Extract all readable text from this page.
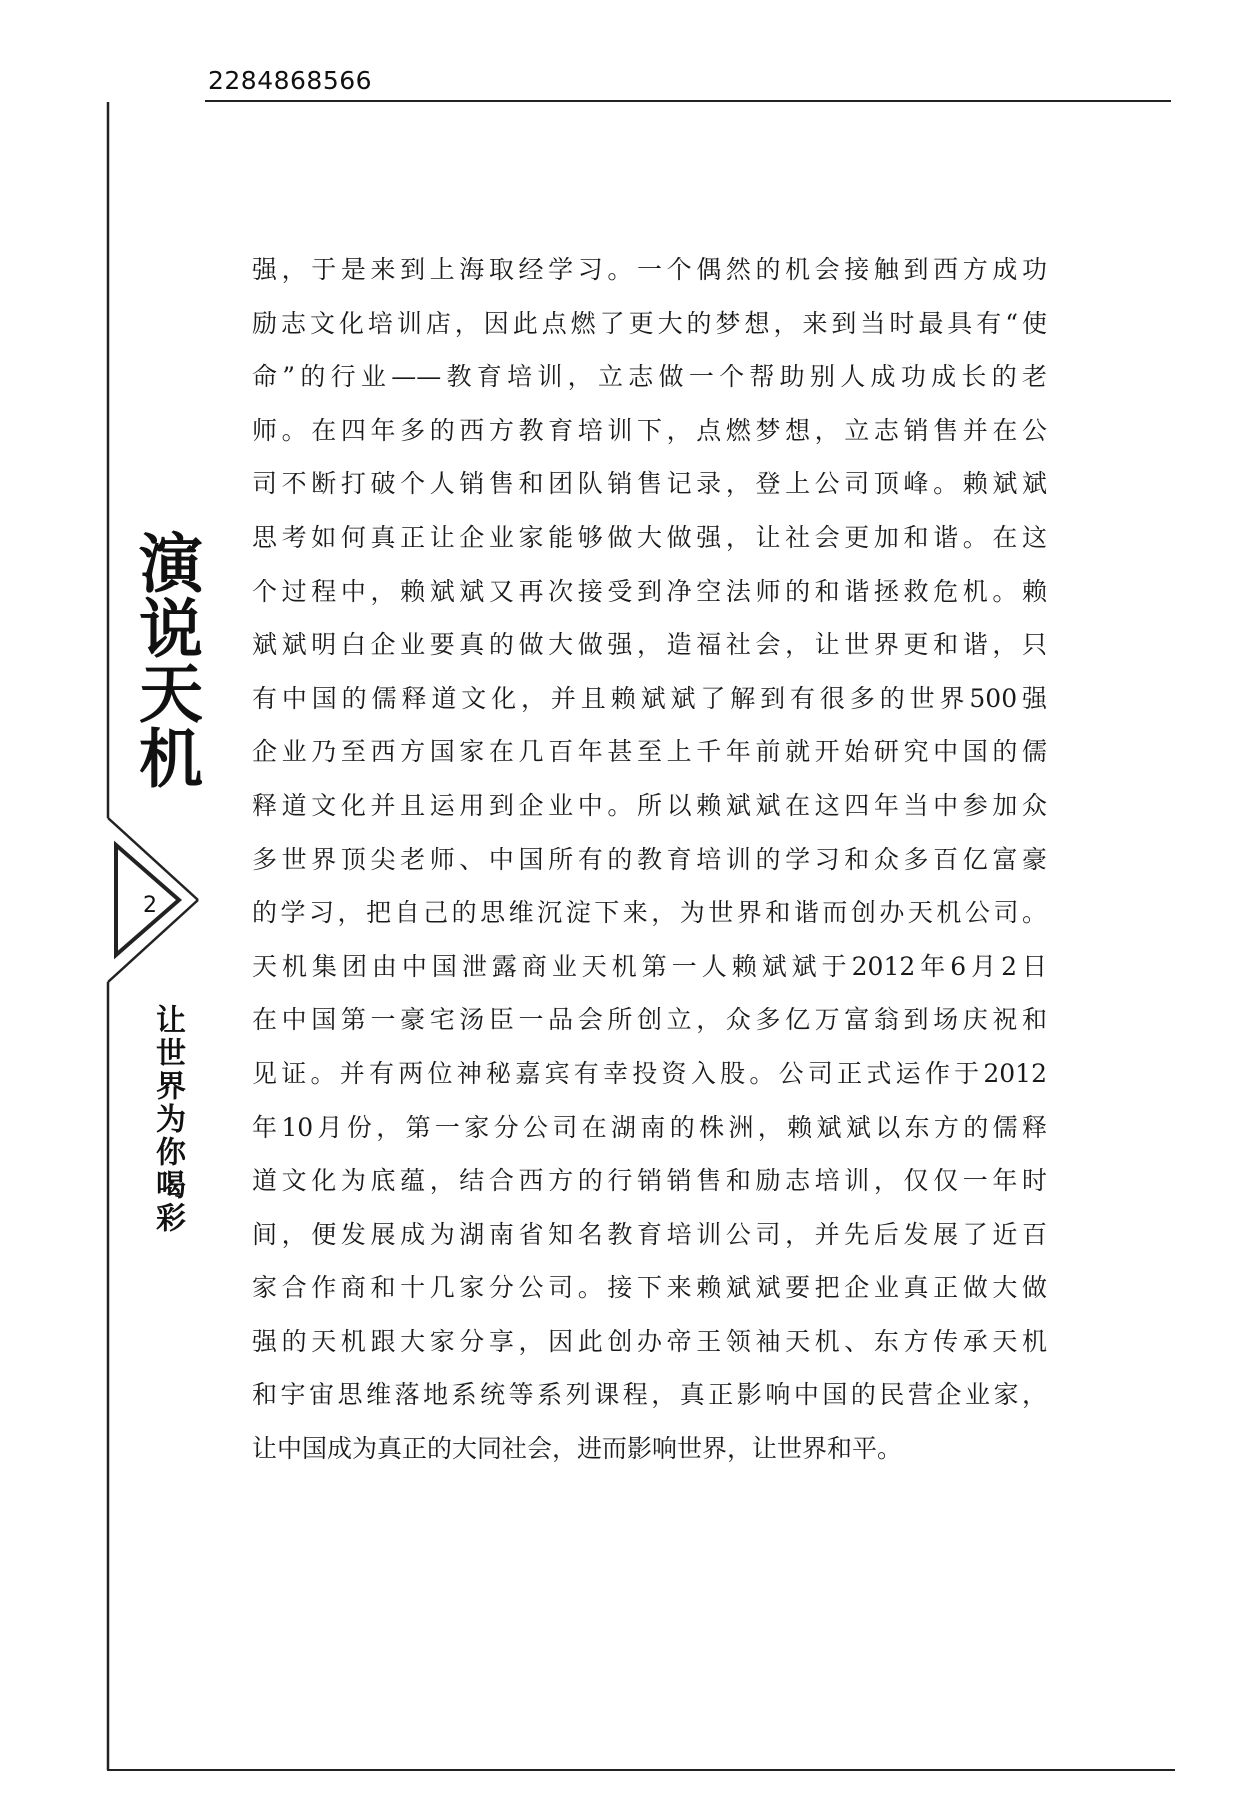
2284868566
演说天机
2
让世界为你喝彩
强，于是来到上海取经学习。一个偶然的机会接触到西方成功
励志文化培训店，因此点燃了更大的梦想，来到当时最具有“使
命”的行业——教育培训，立志做一个帮助别人成功成长的老
师。在四年多的西方教育培训下，点燃梦想，立志销售并在公
司不断打破个人销售和团队销售记录，登上公司顶峰。赖斌斌
思考如何真正让企业家能够做大做强，让社会更加和谐。在这
个过程中，赖斌斌又再次接受到净空法师的和谐拯救危机。赖
斌斌明白企业要真的做大做强，造福社会，让世界更和谐，只
有中国的儒释道文化，并且赖斌斌了解到有很多的世界500强
企业乃至西方国家在几百年甚至上千年前就开始研究中国的儒
释道文化并且运用到企业中。所以赖斌斌在这四年当中参加众
多世界顶尖老师、中国所有的教育培训的学习和众多百亿富豪
的学习，把自己的思维沉淀下来，为世界和谐而创办天机公司。
天机集团由中国泄露商业天机第一人赖斌斌于2012年6月2日
在中国第一豪宅汤臣一品会所创立，众多亿万富翁到场庆祝和
见证。并有两位神秘嘉宾有幸投资入股。公司正式运作于2012
年10月份，第一家分公司在湖南的株洲，赖斌斌以东方的儒释
道文化为底蕴，结合西方的行销销售和励志培训，仅仅一年时
间，便发展成为湖南省知名教育培训公司，并先后发展了近百
家合作商和十几家分公司。接下来赖斌斌要把企业真正做大做
强的天机跟大家分享，因此创办帝王领袖天机、东方传承天机
和宇宙思维落地系统等系列课程，真正影响中国的民营企业家，
让中国成为真正的大同社会，进而影响世界，让世界和平。
